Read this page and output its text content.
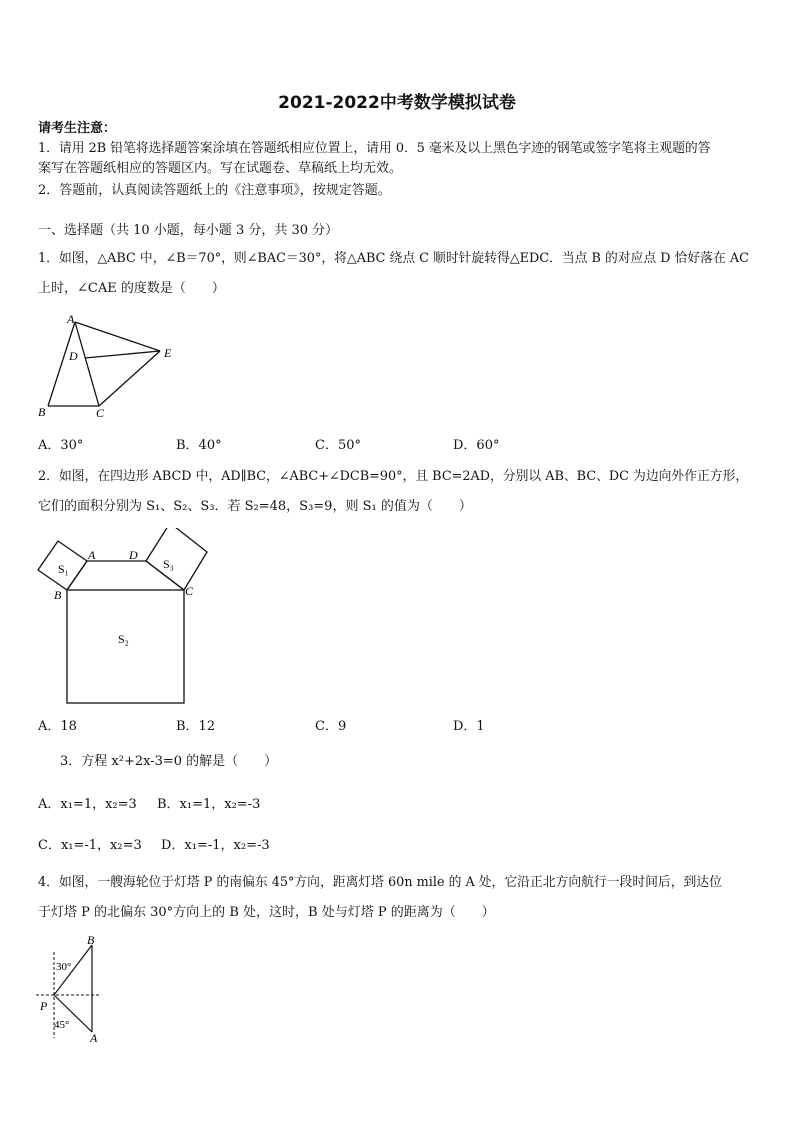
2021-2022中考数学模拟试卷
请考生注意：
1．请用 2B 铅笔将选择题答案涂填在答题纸相应位置上，请用 0．5 毫米及以上黑色字迹的钢笔或签字笔将主观题的答
案写在答题纸相应的答题区内。写在试题卷、草稿纸上均无效。
2．答题前，认真阅读答题纸上的《注意事项》，按规定答题。
一、选择题（共 10 小题，每小题 3 分，共 30 分）
1．如图，△ABC 中，∠B＝70°，则∠BAC＝30°，将△ABC 绕点 C 顺时针旋转得△EDC．当点 B 的对应点 D 恰好落在 AC
上时，∠CAE 的度数是（　　）
A
D	E
B	C
A．30°	B．40°	C．50°	D．60°
2．如图，在四边形 ABCD 中，AD∥BC，∠ABC+∠DCB=90°，且 BC=2AD，分别以 AB、BC、DC 为边向外作正方形，
它们的面积分别为 S₁、S₂、S₃．若 S₂=48，S₃=9，则 S₁ 的值为（　　）
A	D
B	C
S₁	S₃
S₂
A．18	B．12	C．9	D．1
3．方程 x²+2x-3=0 的解是（　　）
A．x₁=1，x₂=3 B．x₁=1，x₂=-3
C．x₁=-1，x₂=3 D．x₁=-1，x₂=-3
4．如图，一艘海轮位于灯塔 P 的南偏东 45°方向，距离灯塔 60n mile 的 A 处，它沿正北方向航行一段时间后，到达位
于灯塔 P 的北偏东 30°方向上的 B 处，这时，B 处与灯塔 P 的距离为（　　）
B
30°
P
45°
A
